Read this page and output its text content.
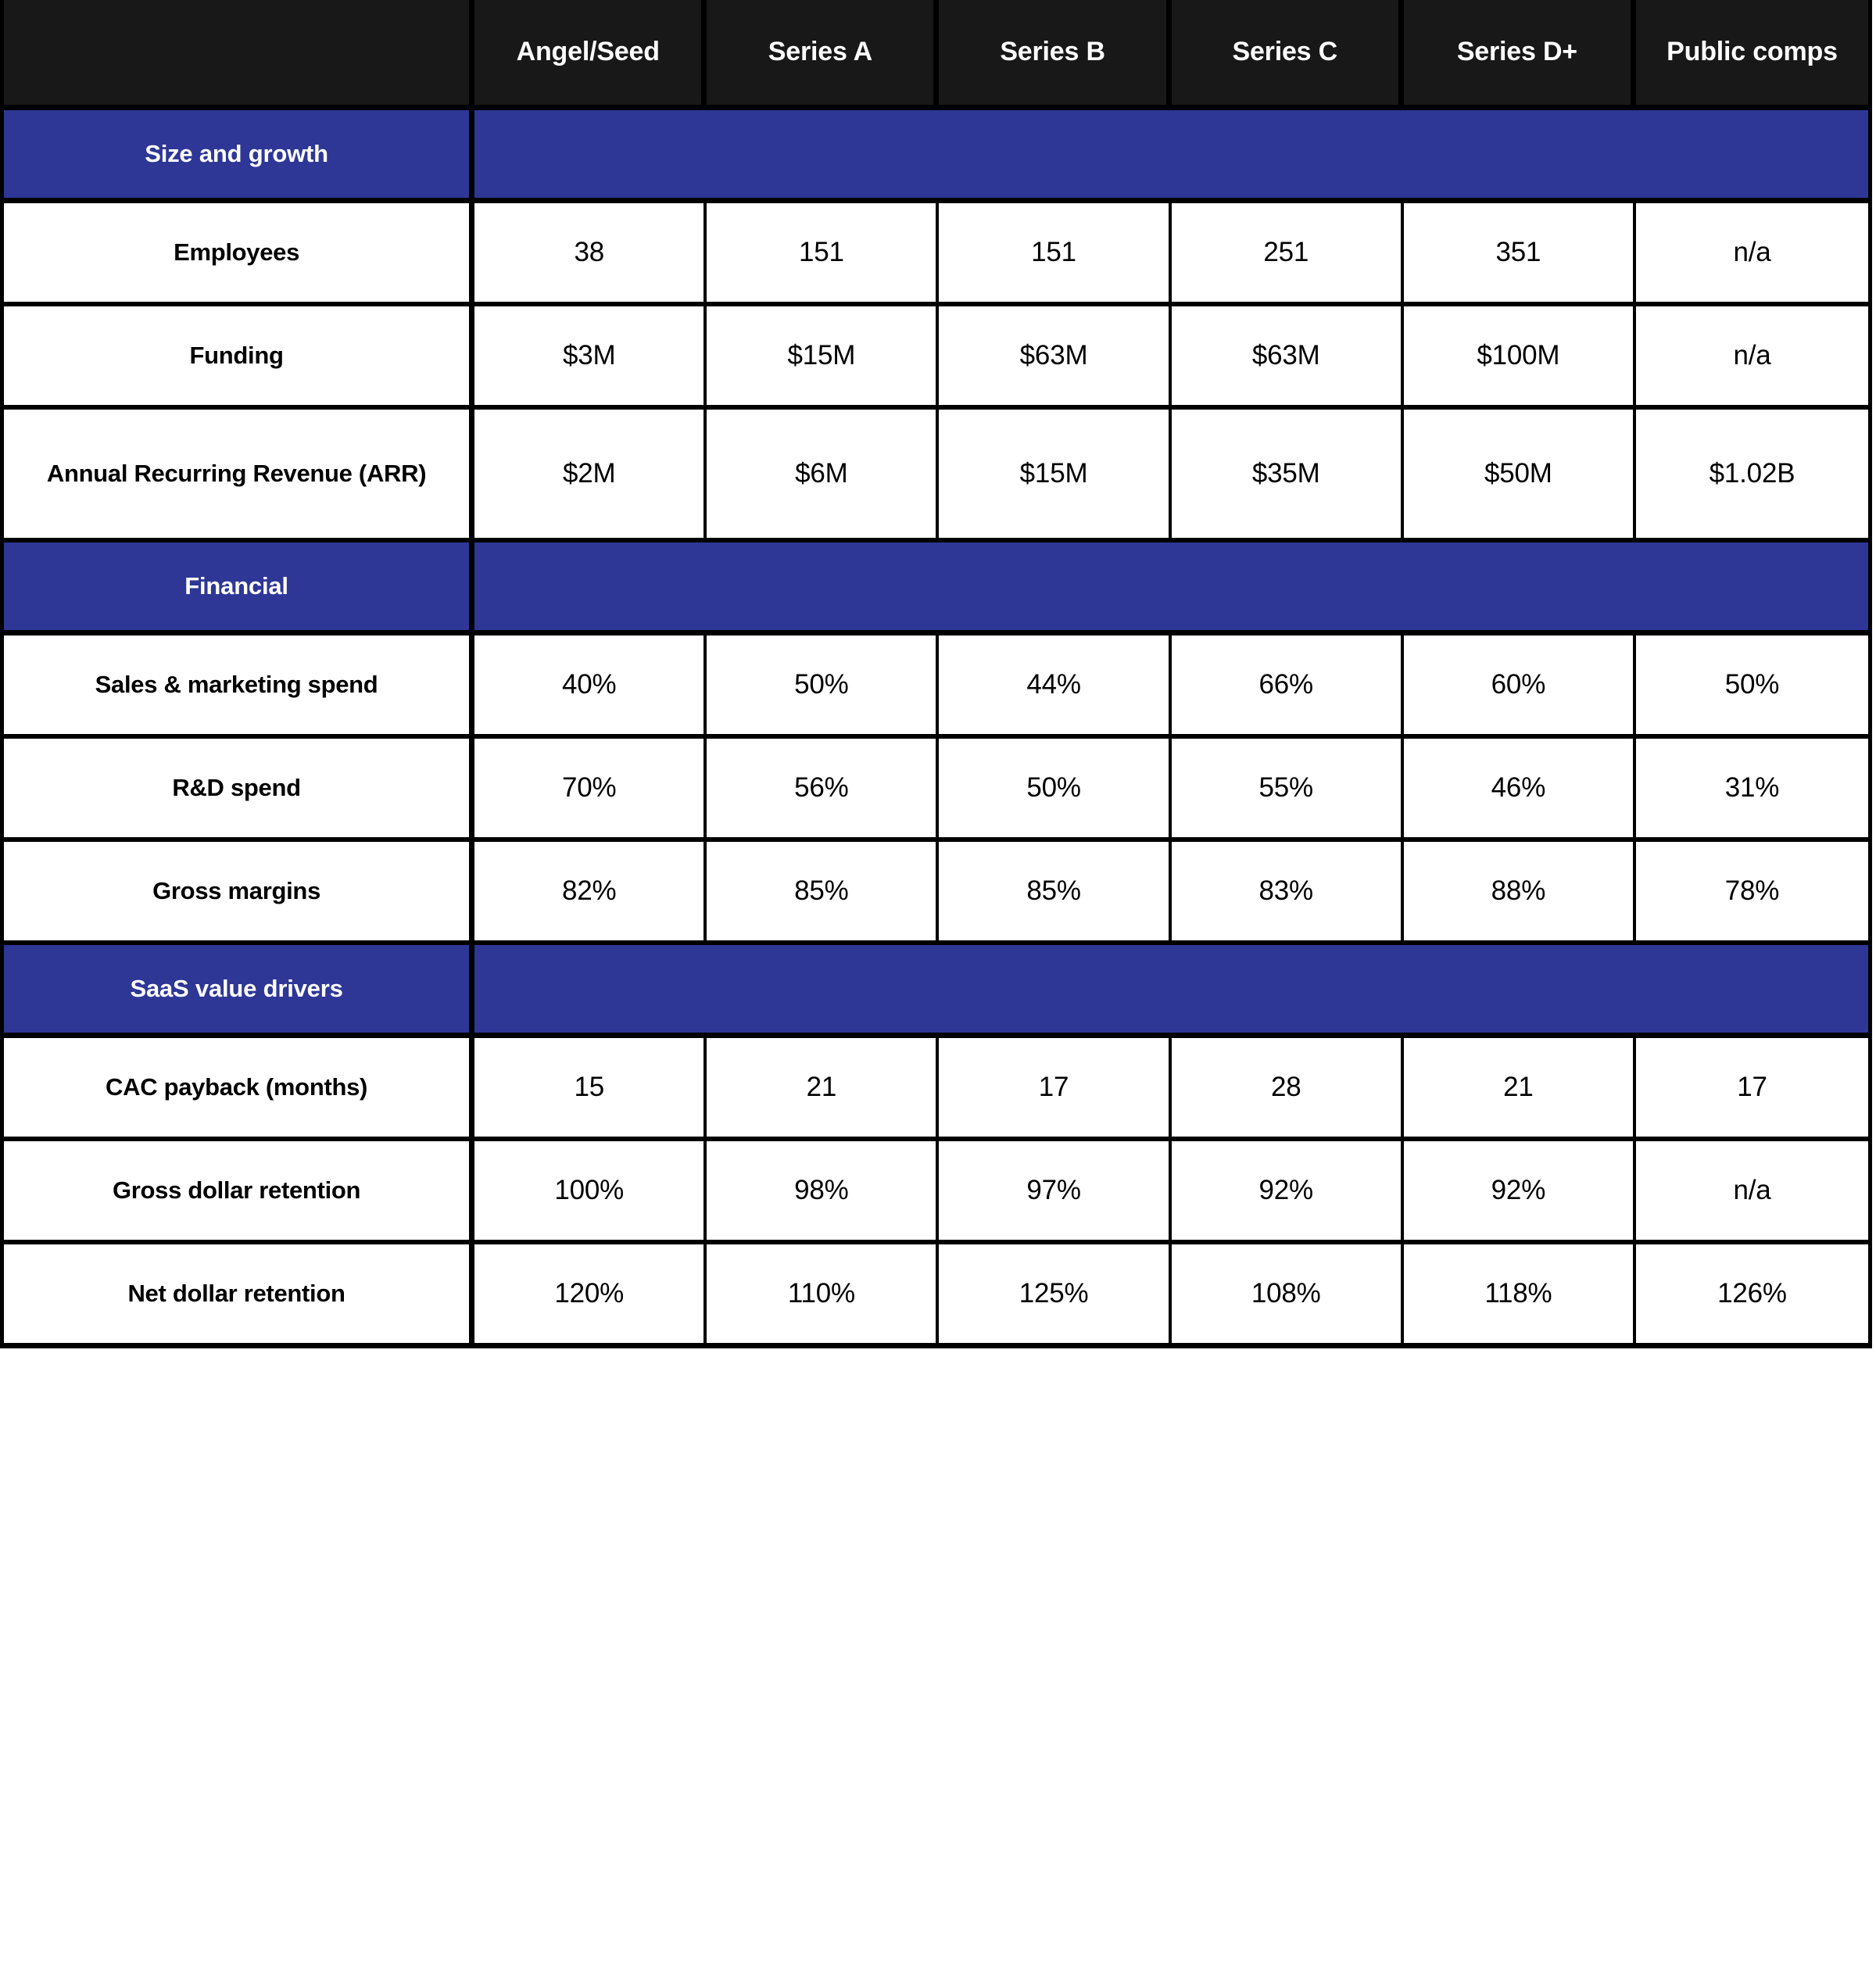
	Angel/Seed	Series A	Series B	Series C	Series D+	Public comps
Size and growth						
Employees	38	151	151	251	351	n/a
Funding	$3M	$15M	$63M	$63M	$100M	n/a
Annual Recurring Revenue (ARR)	$2M	$6M	$15M	$35M	$50M	$1.02B
Financial						
Sales & marketing spend	40%	50%	44%	66%	60%	50%
R&D spend	70%	56%	50%	55%	46%	31%
Gross margins	82%	85%	85%	83%	88%	78%
SaaS value drivers						
CAC payback (months)	15	21	17	28	21	17
Gross dollar retention	100%	98%	97%	92%	92%	n/a
Net dollar retention	120%	110%	125%	108%	118%	126%
